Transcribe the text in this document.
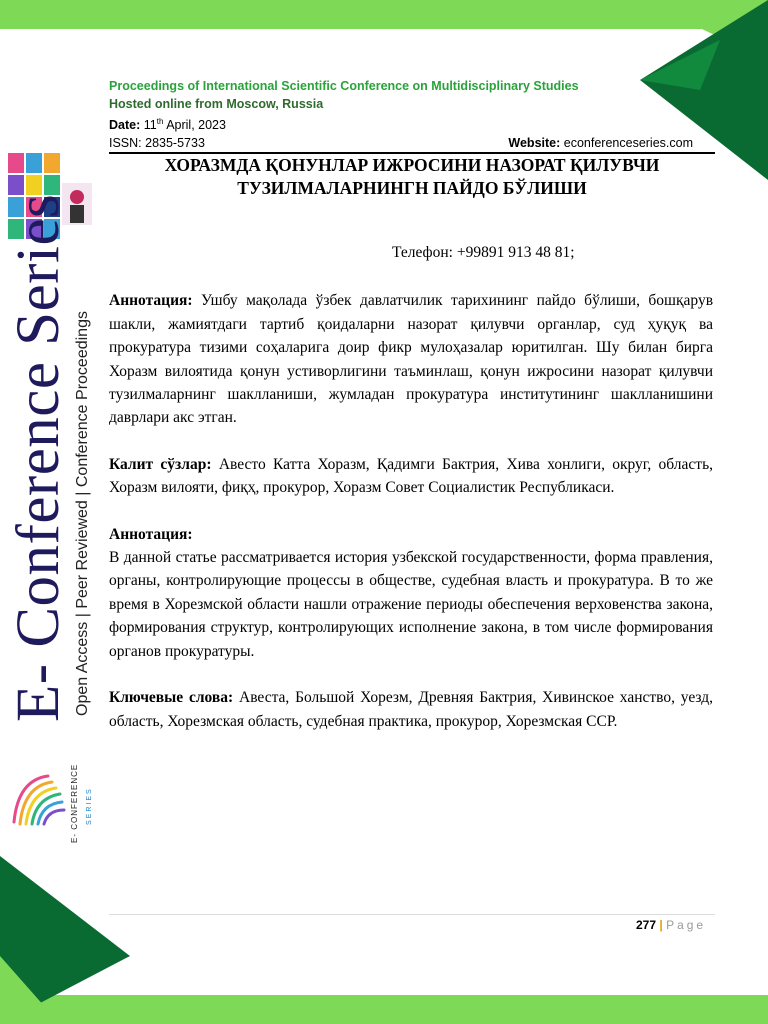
Proceedings of International Scientific Conference on Multidisciplinary Studies
Hosted online from Moscow, Russia
Date: 11th April, 2023
ISSN: 2835-5733	Website: econferenceseries.com
ХОРАЗМДА ҚОНУНЛАР ИЖРОСИНИ НАЗОРАТ ҚИЛУВЧИ
ТУЗИЛМАЛАРНИНГН ПАЙДО БЎЛИШИ
E- Conference Series Open Access | Peer Reviewed | Conference Proceedings
E- CONFERENCE SERIES

Телефон: +99891 913 48 81;

Аннотация: Ушбу мақолада ўзбек давлатчилик тарихининг пайдо бўлиши, бошқарув шакли, жамиятдаги тартиб қоидаларни назорат қилувчи органлар, суд ҳуқуқ ва прокуратура тизими соҳаларига доир фикр мулоҳазалар юритилган. Шу билан бирга Хоразм вилоятида қонун устиворлигини таъминлаш, қонун ижросини назорат қилувчи тузилмаларнинг шаклланиши, жумладан прокуратура институтининг шаклланишини даврлари акс этган.

Калит сўзлар: Авесто Катта Хоразм, Қадимги Бактрия, Хива хонлиги, округ, область, Хоразм вилояти, фиқҳ, прокурор, Хоразм Совет Социалистик Республикаси.

Аннотация:

В данной статье рассматривается история узбекской государственности, форма правления, органы, контролирующие процессы в обществе, судебная власть и прокуратура. В то же время в Хорезмской области нашли отражение периоды обеспечения верховенства закона, формирования структур, контролирующих исполнение закона, в том числе формирования органов прокуратуры.

Ключевые слова: Авеста, Большой Хорезм, Древняя Бактрия, Хивинское ханство, уезд, область, Хорезмская область, судебная практика, прокурор, Хорезмская ССР.

277 | Page
